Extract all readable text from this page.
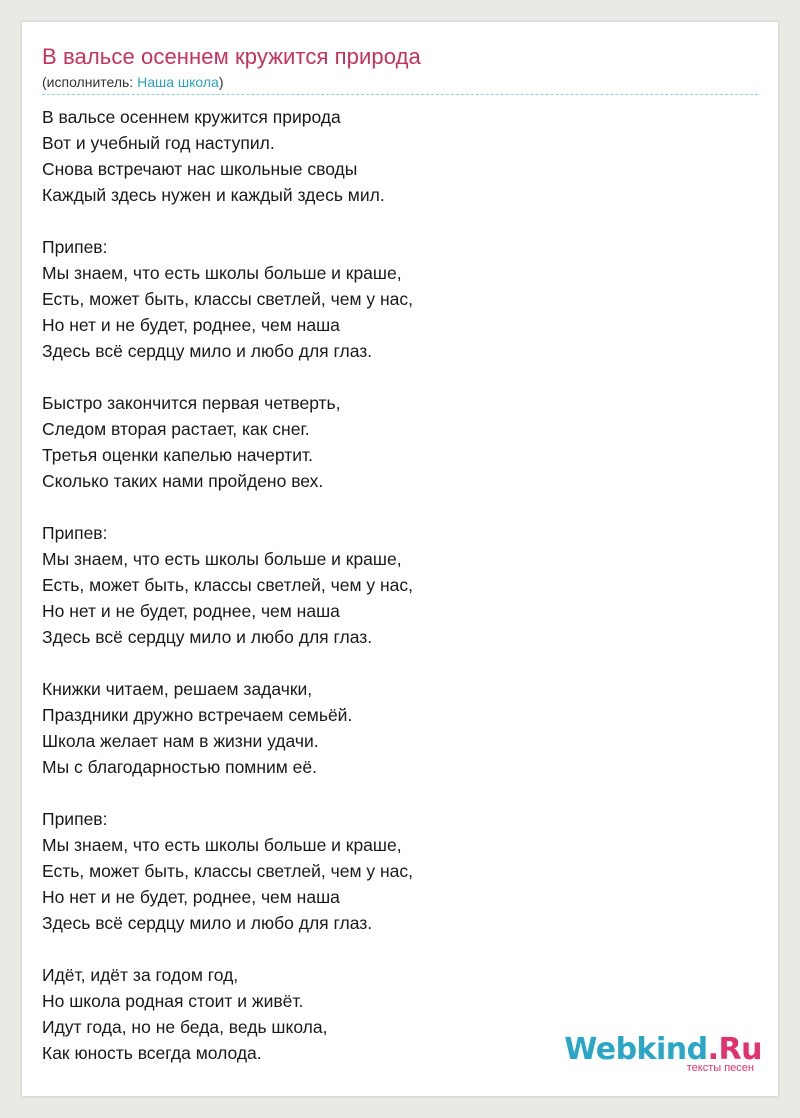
В вальсе осеннем кружится природа
(исполнитель: Наша школа)
В вальсе осеннем кружится природа
Вот и учебный год наступил.
Снова встречают нас школьные своды
Каждый здесь нужен и каждый здесь мил.
Припев:
Мы знаем, что есть школы больше и краше,
Есть, может быть, классы светлей, чем у нас,
Но нет и не будет, роднее, чем наша
Здесь всё сердцу мило и любо для глаз.
Быстро закончится первая четверть,
Следом вторая растает, как снег.
Третья оценки капелью начертит.
Сколько таких нами пройдено вех.
Припев:
Мы знаем, что есть школы больше и краше,
Есть, может быть, классы светлей, чем у нас,
Но нет и не будет, роднее, чем наша
Здесь всё сердцу мило и любо для глаз.
Книжки читаем, решаем задачки,
Праздники дружно встречаем семьёй.
Школа желает нам в жизни удачи.
Мы с благодарностью помним её.
Припев:
Мы знаем, что есть школы больше и краше,
Есть, может быть, классы светлей, чем у нас,
Но нет и не будет, роднее, чем наша
Здесь всё сердцу мило и любо для глаз.
Идёт, идёт за годом год,
Но школа родная стоит и живёт.
Идут года, но не беда, ведь школа,
Как юность всегда молода.	Webkind.Ru
тексты песен
